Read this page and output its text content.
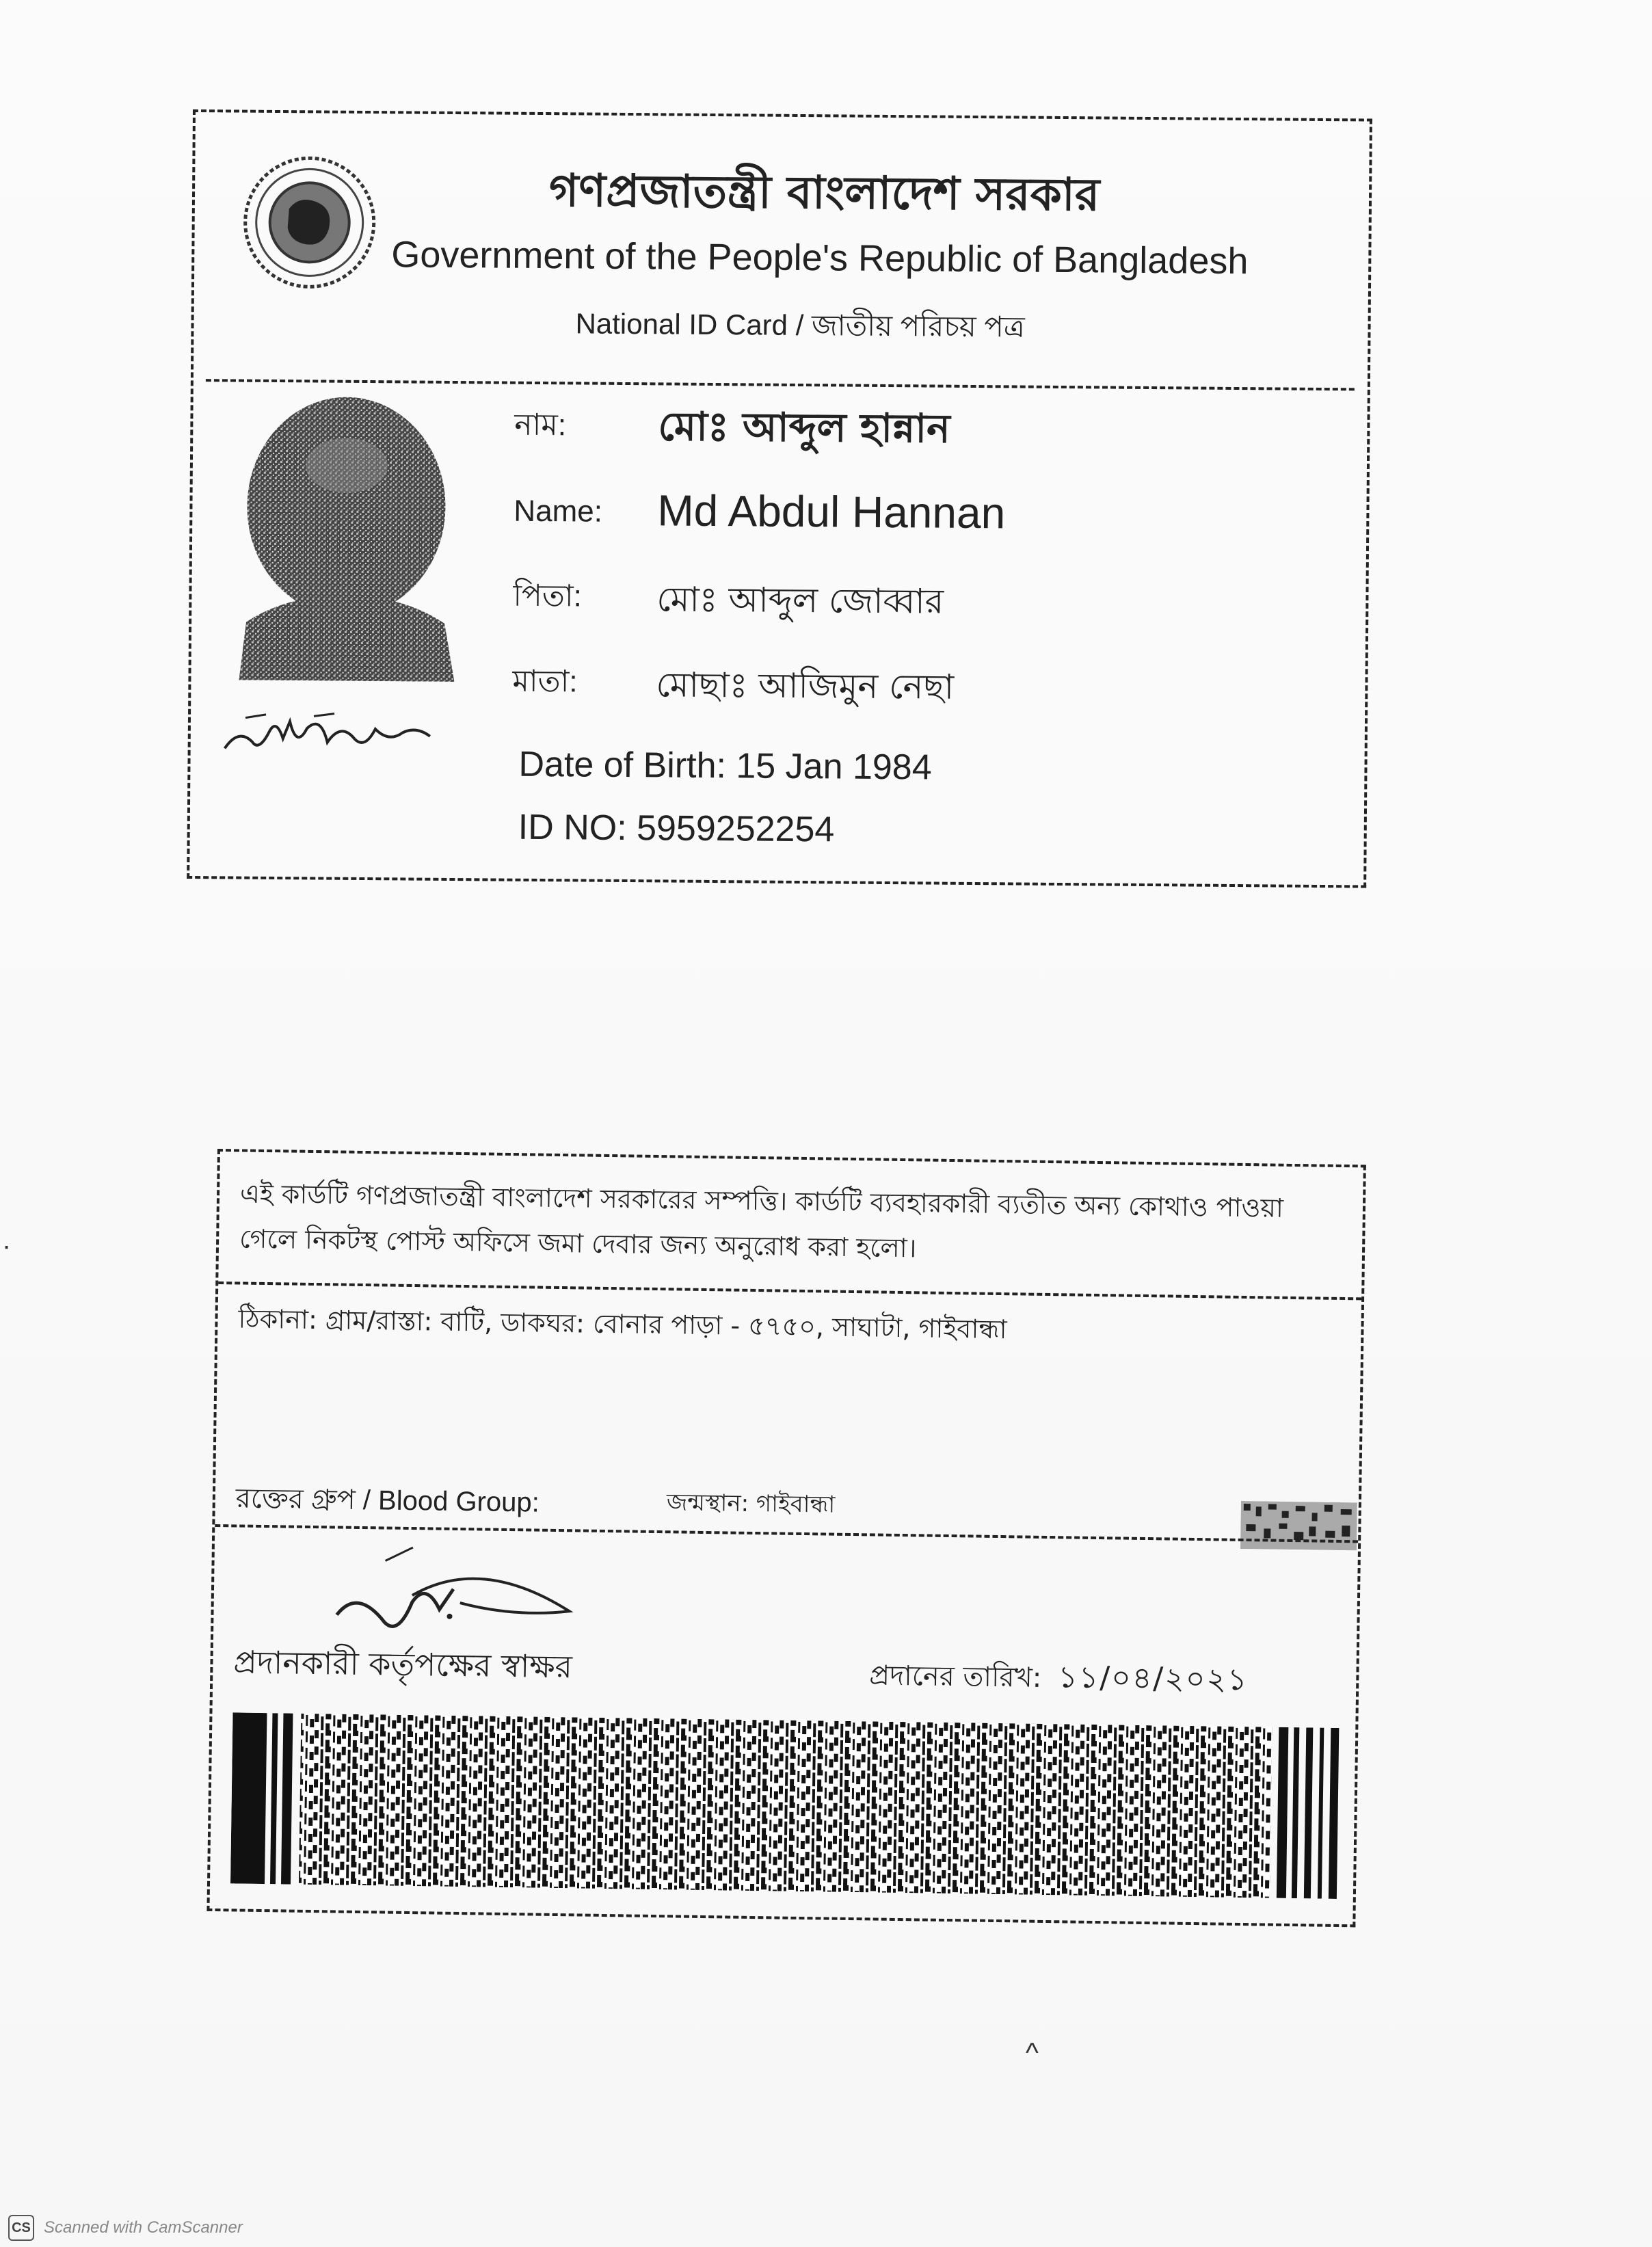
গণপ্রজাতন্ত্রী বাংলাদেশ সরকার
Government of the People's Republic of Bangladesh
National ID Card / জাতীয় পরিচয় পত্র
নাম: মোঃ আব্দুল হান্নান
Name: Md Abdul Hannan
পিতা: মোঃ আব্দুল জোব্বার
মাতা: মোছাঃ আজিমুন নেছা
Date of Birth: 15 Jan 1984
ID NO: 5959252254
এই কার্ডটি গণপ্রজাতন্ত্রী বাংলাদেশ সরকারের সম্পত্তি। কার্ডটি ব্যবহারকারী ব্যতীত অন্য কোথাও পাওয়া গেলে নিকটস্থ পোস্ট অফিসে জমা দেবার জন্য অনুরোধ করা হলো।
ঠিকানা: গ্রাম/রাস্তা: বাটি, ডাকঘর: বোনার পাড়া - ৫৭৫০, সাঘাটা, গাইবান্ধা
রক্তের গ্রুপ / Blood Group:	জন্মস্থান: গাইবান্ধা
প্রদানকারী কর্তৃপক্ষের স্বাক্ষর	প্রদানের তারিখ: ১১/০৪/২০২১
∙
^
CS Scanned with CamScanner
